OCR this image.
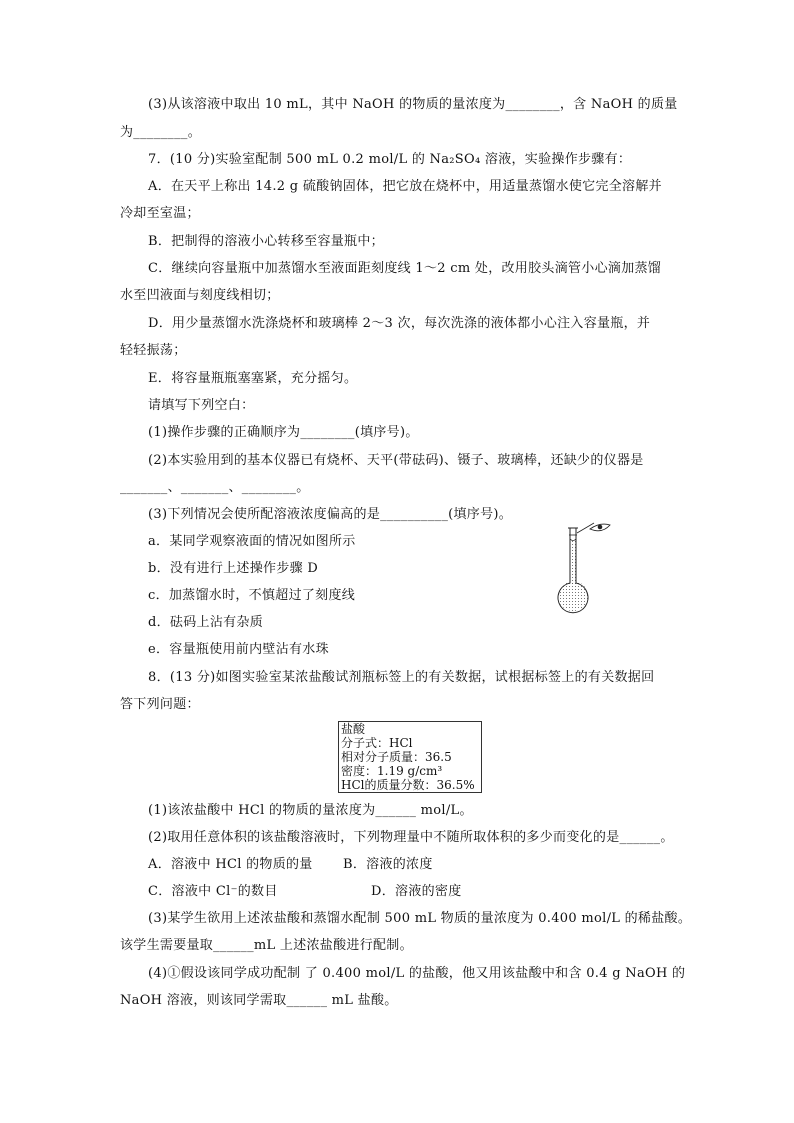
(3)从该溶液中取出 10 mL，其中 NaOH 的物质的量浓度为________，含 NaOH 的质量
为________。
7．(10 分)实验室配制 500 mL 0.2 mol/L 的 Na₂SO₄ 溶液，实验操作步骤有：
A．在天平上称出 14.2 g 硫酸钠固体，把它放在烧杯中，用适量蒸馏水使它完全溶解并
冷却至室温；
B．把制得的溶液小心转移至容量瓶中；
C．继续向容量瓶中加蒸馏水至液面距刻度线 1～2 cm 处，改用胶头滴管小心滴加蒸馏
水至凹液面与刻度线相切；
D．用少量蒸馏水洗涤烧杯和玻璃棒 2～3 次，每次洗涤的液体都小心注入容量瓶，并
轻轻振荡；
E．将容量瓶瓶塞塞紧，充分摇匀。
请填写下列空白：
(1)操作步骤的正确顺序为________(填序号)。
(2)本实验用到的基本仪器已有烧杯、天平(带砝码)、镊子、玻璃棒，还缺少的仪器是
_______、_______、________。
(3)下列情况会使所配溶液浓度偏高的是__________(填序号)。
a．某同学观察液面的情况如图所示
b．没有进行上述操作步骤 D
c．加蒸馏水时，不慎超过了刻度线
d．砝码上沾有杂质
e．容量瓶使用前内壁沾有水珠
8．(13 分)如图实验室某浓盐酸试剂瓶标签上的有关数据，试根据标签上的有关数据回
答下列问题：
盐酸
分子式：HCl
相对分子质量：36.5
密度：1.19 g/cm³
HCl的质量分数：36.5%
(1)该浓盐酸中 HCl 的物质的量浓度为______ mol/L。
(2)取用任意体积的该盐酸溶液时，下列物理量中不随所取体积的多少而变化的是______。
A．溶液中 HCl 的物质的量 B．溶液的浓度
C．溶液中 Cl⁻的数目	D．溶液的密度
(3)某学生欲用上述浓盐酸和蒸馏水配制 500 mL 物质的量浓度为 0.400 mol/L 的稀盐酸。
该学生需要量取______mL 上述浓盐酸进行配制。
(4)①假设该同学成功配制 了 0.400 mol/L 的盐酸，他又用该盐酸中和含 0.4 g NaOH 的
NaOH 溶液，则该同学需取______ mL 盐酸。
